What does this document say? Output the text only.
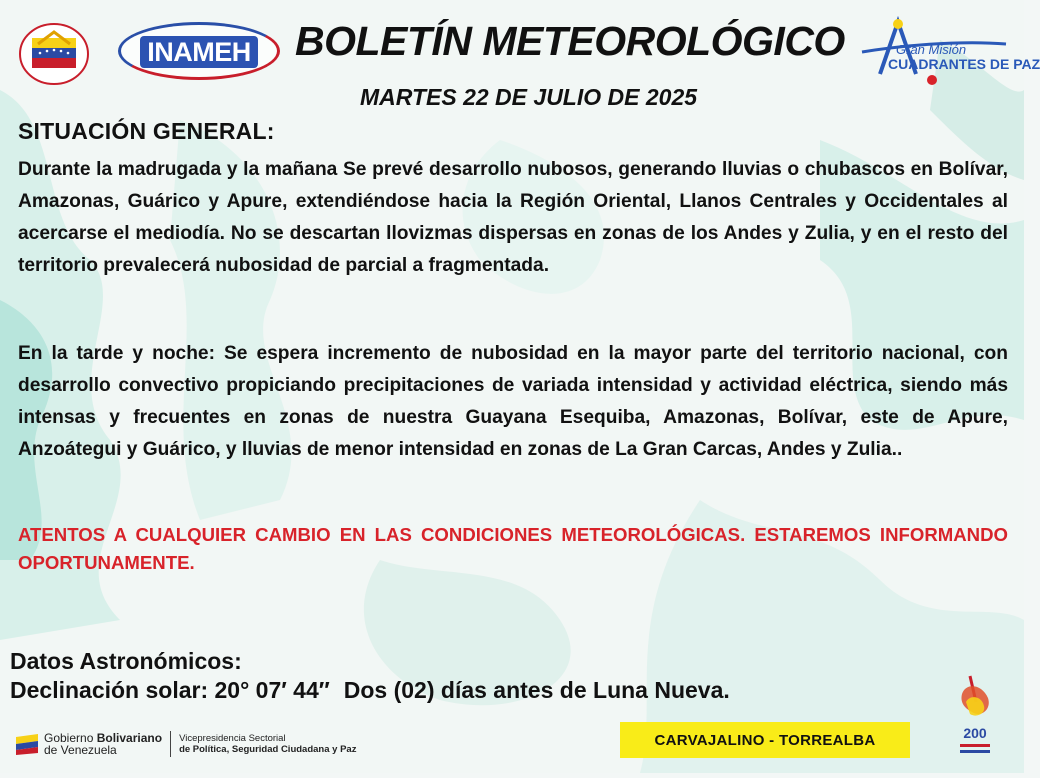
INAMEH BOLETÍN METEOROLÓGICO
MARTES 22 DE JULIO DE 2025
Gran Misión
CUADRANTES DE PAZ
SITUACIÓN GENERAL:
Durante la madrugada y la mañana Se prevé desarrollo nubosos, generando lluvias o chubascos en Bolívar, Amazonas, Guárico y Apure, extendiéndose hacia la Región Oriental, Llanos Centrales y Occidentales al acercarse el mediodía. No se descartan llovizmas dispersas en zonas de los Andes y Zulia, y en el resto del territorio prevalecerá nubosidad de parcial a fragmentada.
En la tarde y noche: Se espera incremento de nubosidad en la mayor parte del territorio nacional, con desarrollo convectivo propiciando precipitaciones de variada intensidad y actividad eléctrica, siendo más intensas y frecuentes en zonas de nuestra Guayana Esequiba, Amazonas, Bolívar, este de Apure, Anzoátegui y Guárico, y lluvias de menor intensidad en zonas de La Gran Carcas, Andes y Zulia..
ATENTOS A CUALQUIER CAMBIO EN LAS CONDICIONES METEOROLÓGICAS. ESTAREMOS INFORMANDO OPORTUNAMENTE.
Datos Astronómicos:
Declinación solar: 20° 07′ 44″ Dos (02) días antes de Luna Nueva.
Gobierno Bolivariano
de Venezuela
Vicepresidencia Sectorial
de Política, Seguridad Ciudadana y Paz
CARVAJALINO - TORREALBA	200
